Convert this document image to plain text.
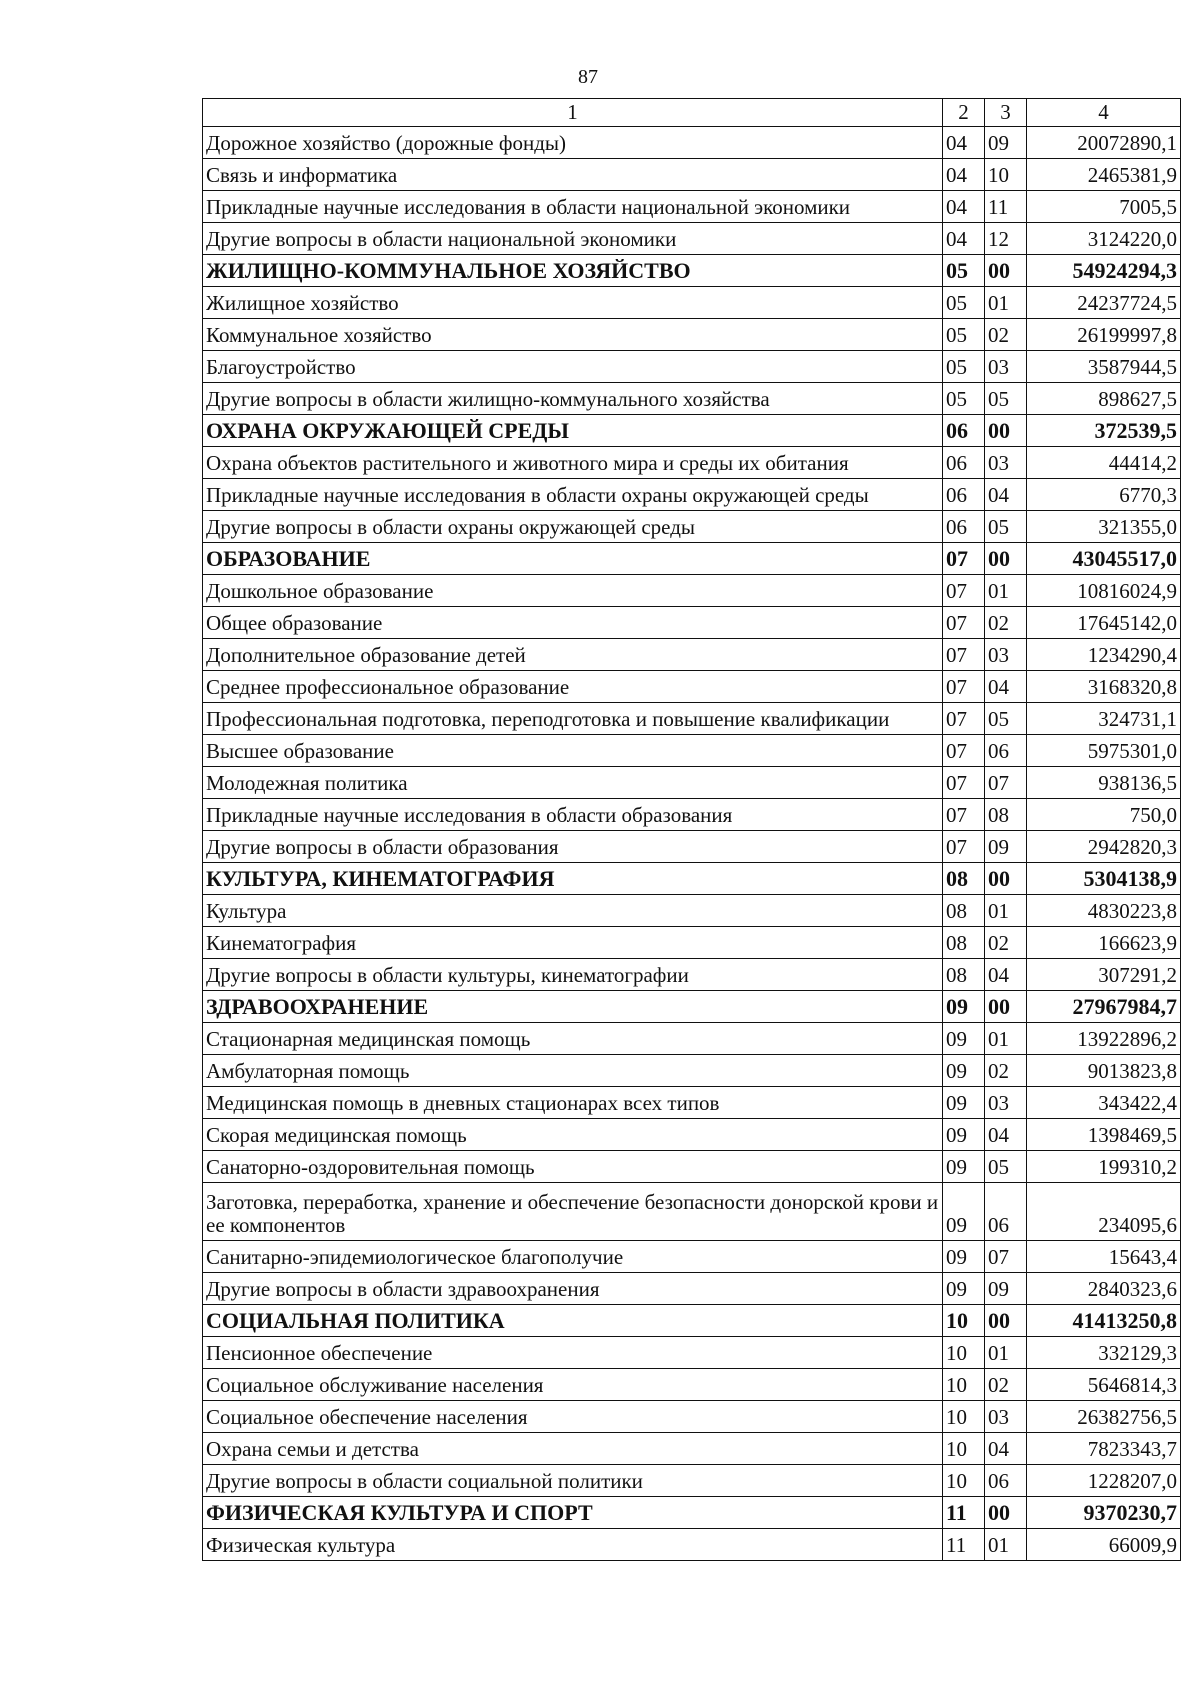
87
1	2	3	4
Дорожное хозяйство (дорожные фонды)	04	09	20072890,1
Связь и информатика	04	10	2465381,9
Прикладные научные исследования в области национальной экономики	04	11	7005,5
Другие вопросы в области национальной экономики	04	12	3124220,0
ЖИЛИЩНО-КОММУНАЛЬНОЕ ХОЗЯЙСТВО	05	00	54924294,3
Жилищное хозяйство	05	01	24237724,5
Коммунальное хозяйство	05	02	26199997,8
Благоустройство	05	03	3587944,5
Другие вопросы в области жилищно-коммунального хозяйства	05	05	898627,5
ОХРАНА ОКРУЖАЮЩЕЙ СРЕДЫ	06	00	372539,5
Охрана объектов растительного и животного мира и среды их обитания	06	03	44414,2
Прикладные научные исследования в области охраны окружающей среды	06	04	6770,3
Другие вопросы в области охраны окружающей среды	06	05	321355,0
ОБРАЗОВАНИЕ	07	00	43045517,0
Дошкольное образование	07	01	10816024,9
Общее образование	07	02	17645142,0
Дополнительное образование детей	07	03	1234290,4
Среднее профессиональное образование	07	04	3168320,8
Профессиональная подготовка, переподготовка и повышение квалификации	07	05	324731,1
Высшее образование	07	06	5975301,0
Молодежная политика	07	07	938136,5
Прикладные научные исследования в области образования	07	08	750,0
Другие вопросы в области образования	07	09	2942820,3
КУЛЬТУРА, КИНЕМАТОГРАФИЯ	08	00	5304138,9
Культура	08	01	4830223,8
Кинематография	08	02	166623,9
Другие вопросы в области культуры, кинематографии	08	04	307291,2
ЗДРАВООХРАНЕНИЕ	09	00	27967984,7
Стационарная медицинская помощь	09	01	13922896,2
Амбулаторная помощь	09	02	9013823,8
Медицинская помощь в дневных стационарах всех типов	09	03	343422,4
Скорая медицинская помощь	09	04	1398469,5
Санаторно-оздоровительная помощь	09	05	199310,2
Заготовка, переработка, хранение и обеспечение безопасности донорской крови и ее компонентов	09	06	234095,6
Санитарно-эпидемиологическое благополучие	09	07	15643,4
Другие вопросы в области здравоохранения	09	09	2840323,6
СОЦИАЛЬНАЯ ПОЛИТИКА	10	00	41413250,8
Пенсионное обеспечение	10	01	332129,3
Социальное обслуживание населения	10	02	5646814,3
Социальное обеспечение населения	10	03	26382756,5
Охрана семьи и детства	10	04	7823343,7
Другие вопросы в области социальной политики	10	06	1228207,0
ФИЗИЧЕСКАЯ КУЛЬТУРА И СПОРТ	11	00	9370230,7
Физическая культура	11	01	66009,9
